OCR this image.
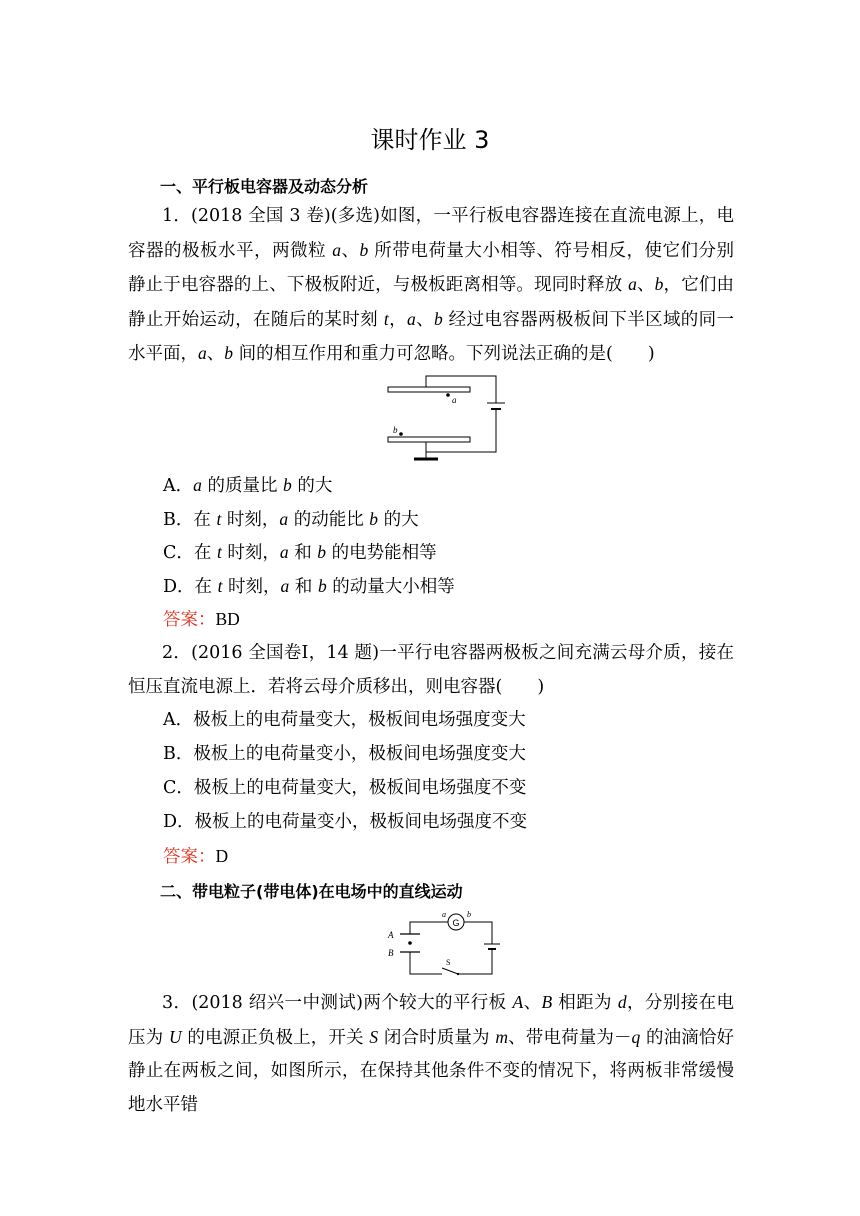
课时作业 3
一、平行板电容器及动态分析
1．(2018 全国 3 卷)(多选)如图，一平行板电容器连接在直流电源上，电容器的极板水平，两微粒 a、b 所带电荷量大小相等、符号相反，使它们分别静止于电容器的上、下极板附近，与极板距离相等。现同时释放 a、b，它们由静止开始运动，在随后的某时刻 t，a、b 经过电容器两极板间下半区域的同一水平面，a、b 间的相互作用和重力可忽略。下列说法正确的是(　　)
a
b
A．a 的质量比 b 的大
B．在 t 时刻，a 的动能比 b 的大
C．在 t 时刻，a 和 b 的电势能相等
D．在 t 时刻，a 和 b 的动量大小相等
答案：BD
2．(2016 全国卷Ⅰ，14 题)一平行电容器两极板之间充满云母介质，接在恒压直流电源上．若将云母介质移出，则电容器(　　)
A．极板上的电荷量变大，极板间电场强度变大
B．极板上的电荷量变小，极板间电场强度变大
C．极板上的电荷量变大，极板间电场强度不变
D．极板上的电荷量变小，极板间电场强度不变
答案：D
二、带电粒子(带电体)在电场中的直线运动
A
B
G
a	b
S
3．(2018 绍兴一中测试)两个较大的平行板 A、B 相距为 d，分别接在电压为 U 的电源正负极上，开关 S 闭合时质量为 m、带电荷量为－q 的油滴恰好静止在两板之间，如图所示，在保持其他条件不变的情况下，将两板非常缓慢地水平错
